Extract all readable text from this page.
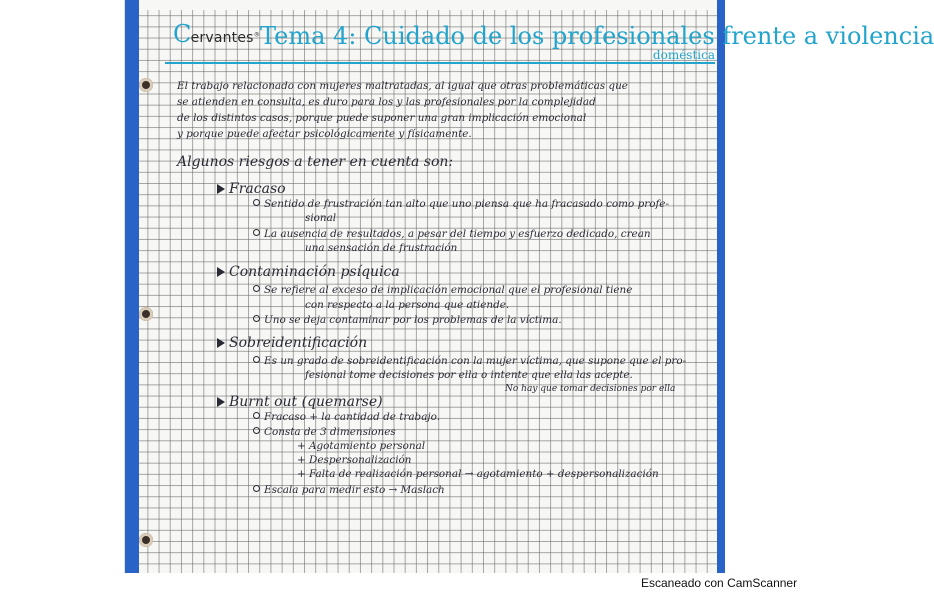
Cervantes® Tema 4: Cuidado de los profesionales frente a violencia
doméstica
El trabajo relacionado con mujeres maltratadas, al igual que otras problemáticas que
se atienden en consulta, es duro para los y las profesionales por la complejidad
de los distintos casos, porque puede suponer una gran implicación emocional
y porque puede afectar psicológicamente y físicamente.
Algunos riesgos a tener en cuenta son:
Fracaso
Sentido de frustración tan alto que uno piensa que ha fracasado como profe-
sional
La ausencia de resultados, a pesar del tiempo y esfuerzo dedicado, crean
una sensación de frustración
Contaminación psíquica
Se refiere al exceso de implicación emocional que el profesional tiene
con respecto a la persona que atiende.
Uno se deja contaminar por los problemas de la víctima.
Sobreidentificación
Es un grado de sobreidentificación con la mujer víctima, que supone que el pro-
fesional tome decisiones por ella o intente que ella las acepte.
No hay que tomar decisiones por ella
Burnt out (quemarse)
Fracaso + la cantidad de trabajo.
Consta de 3 dimensiones
+ Agotamiento personal
+ Despersonalización
+ Falta de realización personal → agotamiento + despersonalización
Escala para medir esto → Maslach
Escaneado con CamScanner
